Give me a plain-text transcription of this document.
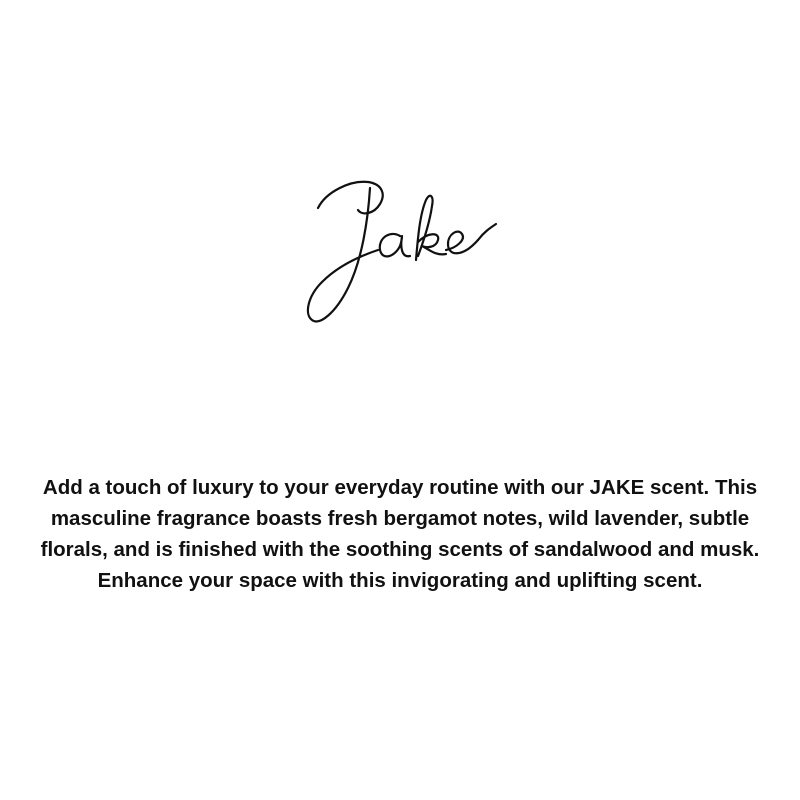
Add a touch of luxury to your everyday routine with our JAKE scent. This masculine fragrance boasts fresh bergamot notes, wild lavender, subtle florals, and is finished with the soothing scents of sandalwood and musk. Enhance your space with this invigorating and uplifting scent.
